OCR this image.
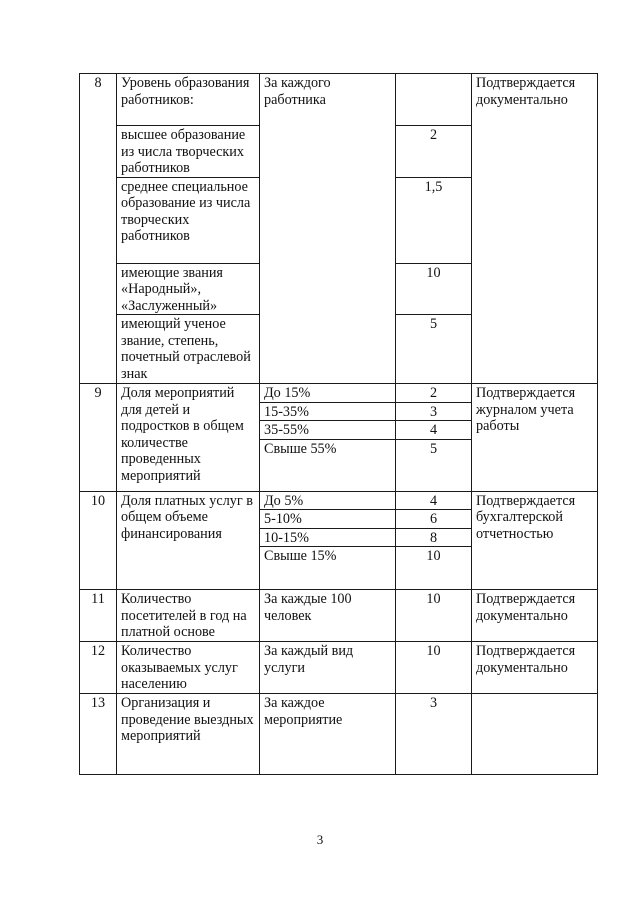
8	Уровень образования работников:	За каждого работника		Подтверждается документально
	высшее образование из числа творческих работников		2	
	среднее специальное образование из числа творческих работников		1,5	
	имеющие звания «Народный», «Заслуженный»		10	
	имеющий ученое звание, степень, почетный отраслевой знак		5	
9	Доля мероприятий для детей и подростков в общем количестве проведенных мероприятий	До 15%	2	Подтверждается журналом учета работы
		15-35%	3	
		35-55%	4	
		Свыше 55%	5	
10	Доля платных услуг в общем объеме финансирования	До 5%	4	Подтверждается бухгалтерской отчетностью
		5-10%	6	
		10-15%	8	
		Свыше 15%	10	
11	Количество посетителей в год на платной основе	За каждые 100 человек	10	Подтверждается документально
12	Количество оказываемых услуг населению	За каждый вид услуги	10	Подтверждается документально
13	Организация и проведение выездных мероприятий	За каждое мероприятие	3	
3
